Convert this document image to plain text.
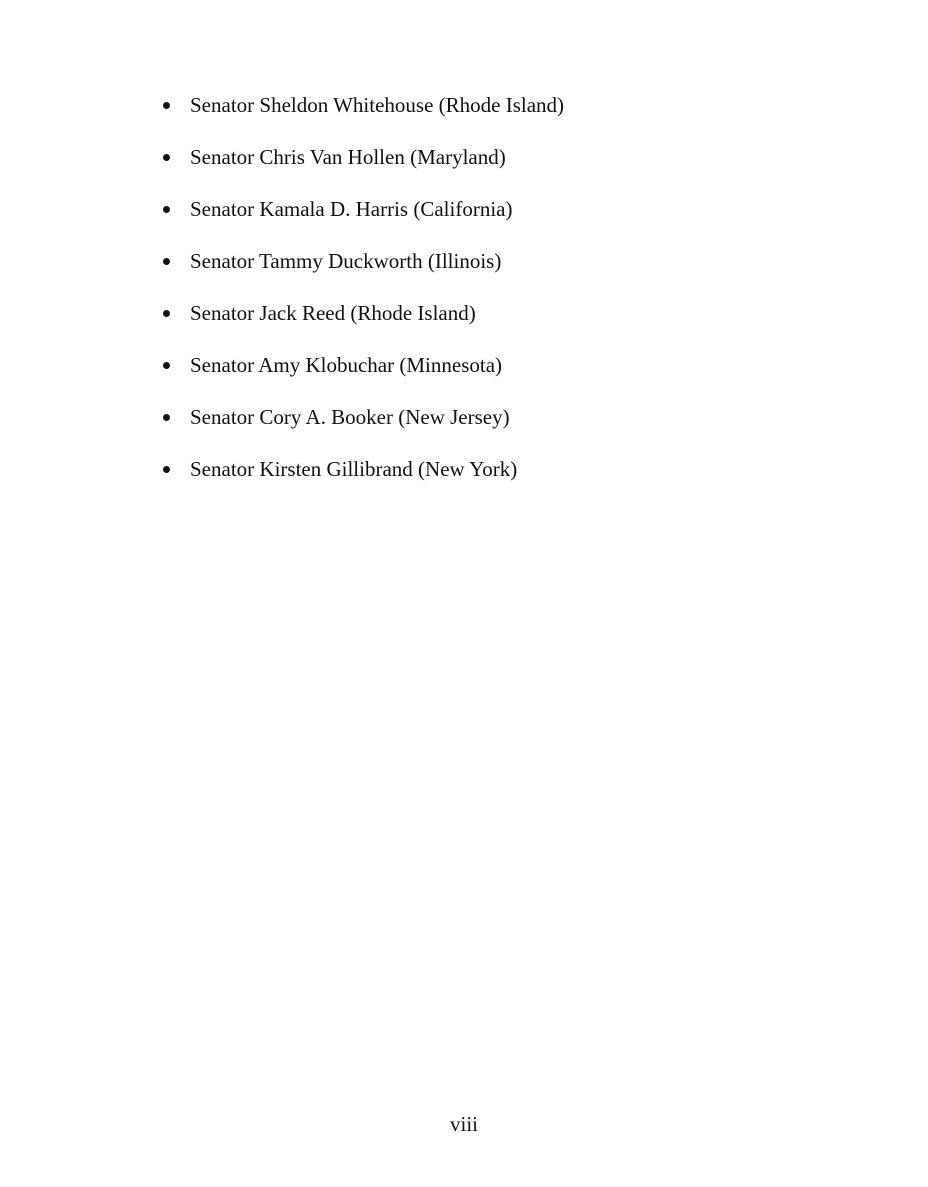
Senator Sheldon Whitehouse (Rhode Island)
Senator Chris Van Hollen (Maryland)
Senator Kamala D. Harris (California)
Senator Tammy Duckworth (Illinois)
Senator Jack Reed (Rhode Island)
Senator Amy Klobuchar (Minnesota)
Senator Cory A. Booker (New Jersey)
Senator Kirsten Gillibrand (New York)
viii
